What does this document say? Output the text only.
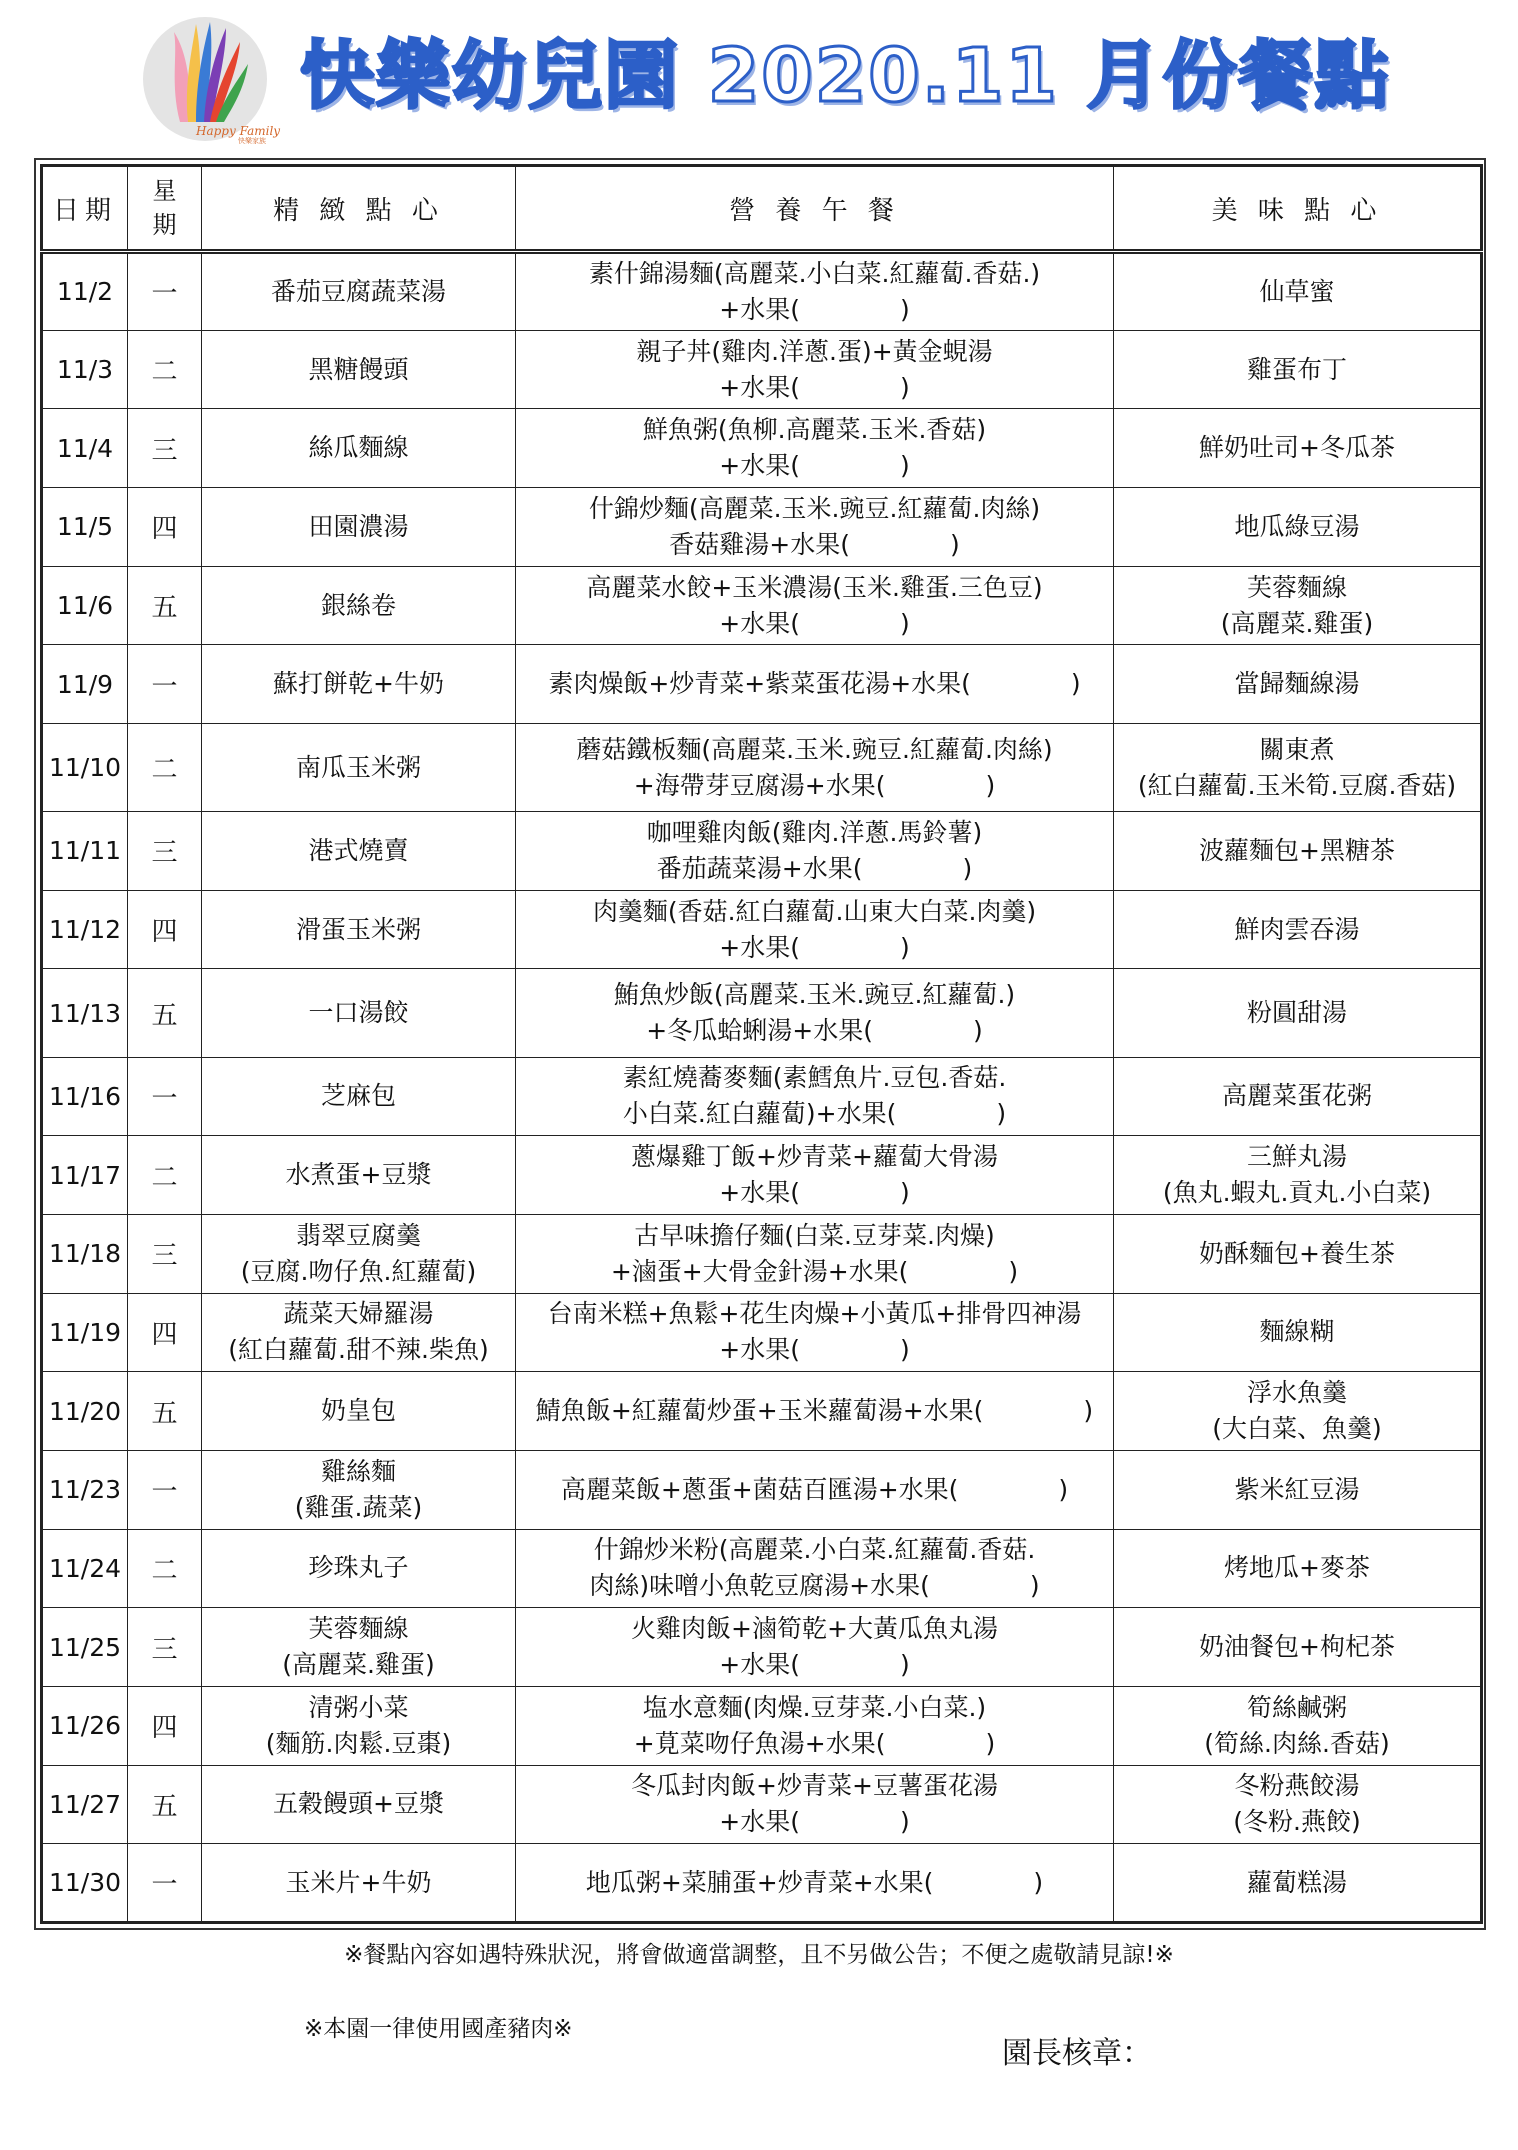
Happy Family
快樂家族
快樂幼兒園 2020.11 月份餐點
日期	星
期	精 緻 點 心	營 養 午 餐	美 味 點 心
11/2	一	番茄豆腐蔬菜湯	素什錦湯麵(高麗菜.小白菜.紅蘿蔔.香菇.)
+水果(　　　　)	仙草蜜

11/3	二	黑糖饅頭	親子丼(雞肉.洋蔥.蛋)+黃金蜆湯
+水果(　　　　)	雞蛋布丁

11/4	三	絲瓜麵線	鮮魚粥(魚柳.高麗菜.玉米.香菇)
+水果(　　　　)	鮮奶吐司+冬瓜茶

11/5	四	田園濃湯	什錦炒麵(高麗菜.玉米.豌豆.紅蘿蔔.肉絲)
香菇雞湯+水果(　　　　)	地瓜綠豆湯

11/6	五	銀絲卷	高麗菜水餃+玉米濃湯(玉米.雞蛋.三色豆)
+水果(　　　　)	芙蓉麵線
(高麗菜.雞蛋)

11/9	一	蘇打餅乾+牛奶	素肉燥飯+炒青菜+紫菜蛋花湯+水果(　　　　)	當歸麵線湯

11/10	二	南瓜玉米粥	蘑菇鐵板麵(高麗菜.玉米.豌豆.紅蘿蔔.肉絲)
+海帶芽豆腐湯+水果(　　　　)	關東煮
(紅白蘿蔔.玉米筍.豆腐.香菇)

11/11	三	港式燒賣	咖哩雞肉飯(雞肉.洋蔥.馬鈴薯)
番茄蔬菜湯+水果(　　　　)	波蘿麵包+黑糖茶

11/12	四	滑蛋玉米粥	肉羹麵(香菇.紅白蘿蔔.山東大白菜.肉羹)
+水果(　　　　)	鮮肉雲吞湯

11/13	五	一口湯餃	鮪魚炒飯(高麗菜.玉米.豌豆.紅蘿蔔.)
+冬瓜蛤蜊湯+水果(　　　　)	粉圓甜湯

11/16	一	芝麻包	素紅燒蕎麥麵(素鱈魚片.豆包.香菇.
小白菜.紅白蘿蔔)+水果(　　　　)	高麗菜蛋花粥

11/17	二	水煮蛋+豆漿	蔥爆雞丁飯+炒青菜+蘿蔔大骨湯
+水果(　　　　)	三鮮丸湯
(魚丸.蝦丸.貢丸.小白菜)

11/18	三	翡翠豆腐羹
(豆腐.吻仔魚.紅蘿蔔)	古早味擔仔麵(白菜.豆芽菜.肉燥)
+滷蛋+大骨金針湯+水果(　　　　)	奶酥麵包+養生茶

11/19	四	蔬菜天婦羅湯
(紅白蘿蔔.甜不辣.柴魚)	台南米糕+魚鬆+花生肉燥+小黃瓜+排骨四神湯
+水果(　　　　)	麵線糊

11/20	五	奶皇包	鯖魚飯+紅蘿蔔炒蛋+玉米蘿蔔湯+水果(　　　　)	浮水魚羹
(大白菜、魚羹)

11/23	一	雞絲麵
(雞蛋.蔬菜)	高麗菜飯+蔥蛋+菌菇百匯湯+水果(　　　　)	紫米紅豆湯

11/24	二	珍珠丸子	什錦炒米粉(高麗菜.小白菜.紅蘿蔔.香菇.
肉絲)味噌小魚乾豆腐湯+水果(　　　　)	烤地瓜+麥茶

11/25	三	芙蓉麵線
(高麗菜.雞蛋)	火雞肉飯+滷筍乾+大黃瓜魚丸湯
+水果(　　　　)	奶油餐包+枸杞茶

11/26	四	清粥小菜
(麵筋.肉鬆.豆棗)	塩水意麵(肉燥.豆芽菜.小白菜.)
+莧菜吻仔魚湯+水果(　　　　)	筍絲鹹粥
(筍絲.肉絲.香菇)

11/27	五	五穀饅頭+豆漿	冬瓜封肉飯+炒青菜+豆薯蛋花湯
+水果(　　　　)	冬粉燕餃湯
(冬粉.燕餃)

11/30	一	玉米片+牛奶	地瓜粥+菜脯蛋+炒青菜+水果(　　　　)	蘿蔔糕湯
※餐點內容如遇特殊狀況，將會做適當調整，且不另做公告；不便之處敬請見諒!※
※本園一律使用國產豬肉※
園長核章：
